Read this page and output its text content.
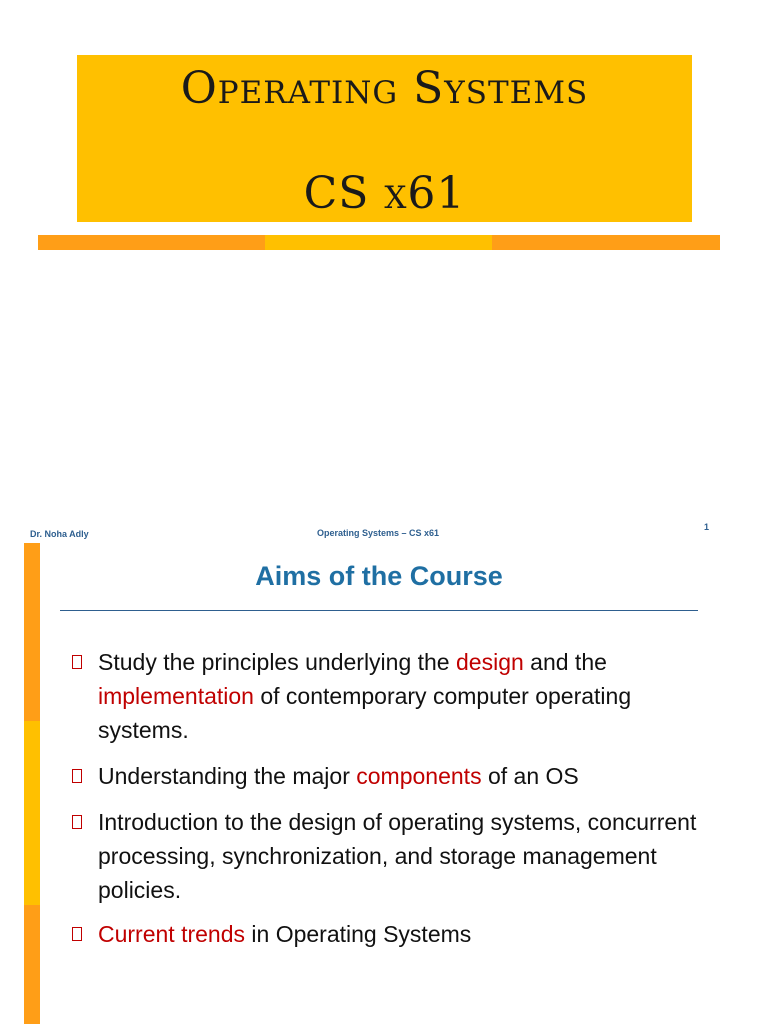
Operating Systems
CS x61
Dr. Noha Adly	Operating Systems – CS x61
1
Aims of the Course
Study the principles underlying the design and the implementation of contemporary computer operating systems.
Understanding the major components of an OS
Introduction to the design of operating systems, concurrent processing, synchronization, and storage management policies.
Current trends in Operating Systems
